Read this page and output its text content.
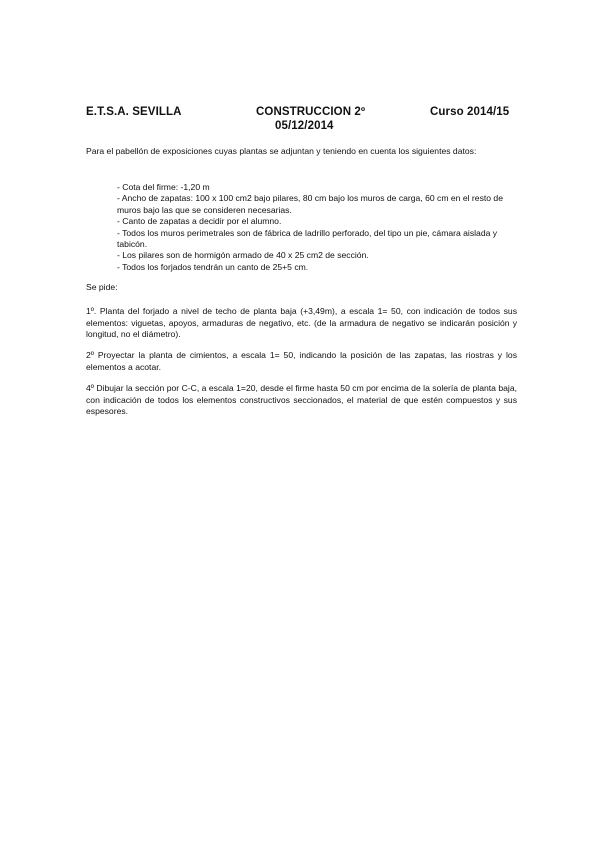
E.T.S.A. SEVILLA	CONSTRUCCION 2º
05/12/2014
Curso 2014/15
Para el pabellón de exposiciones cuyas plantas se adjuntan y teniendo en cuenta los siguientes datos:
- Cota del firme: -1,20 m
- Ancho de zapatas: 100 x 100 cm2 bajo pilares, 80 cm bajo los muros de carga, 60 cm en el resto de muros bajo las que se consideren necesarias.
- Canto de zapatas a decidir por el alumno.
- Todos los muros perimetrales son de fábrica de ladrillo perforado, del tipo un pie, cámara aislada y tabicón.
- Los pilares son de hormigón armado de 40 x 25 cm2 de sección.
- Todos los forjados tendrán un canto de 25+5 cm.
Se pide:
1º. Planta del forjado a nivel de techo de planta baja (+3,49m), a escala 1= 50, con indicación de todos sus elementos: viguetas, apoyos, armaduras de negativo, etc. (de la armadura de negativo se indicarán posición y longitud, no el diámetro).
2º Proyectar la planta de cimientos, a escala 1= 50, indicando la posición de las zapatas, las riostras y los elementos a acotar.
4º Dibujar la sección por C-C, a escala 1=20, desde el firme hasta 50 cm por encima de la solería de planta baja, con indicación de todos los elementos constructivos seccionados, el material de que estén compuestos y sus espesores.
